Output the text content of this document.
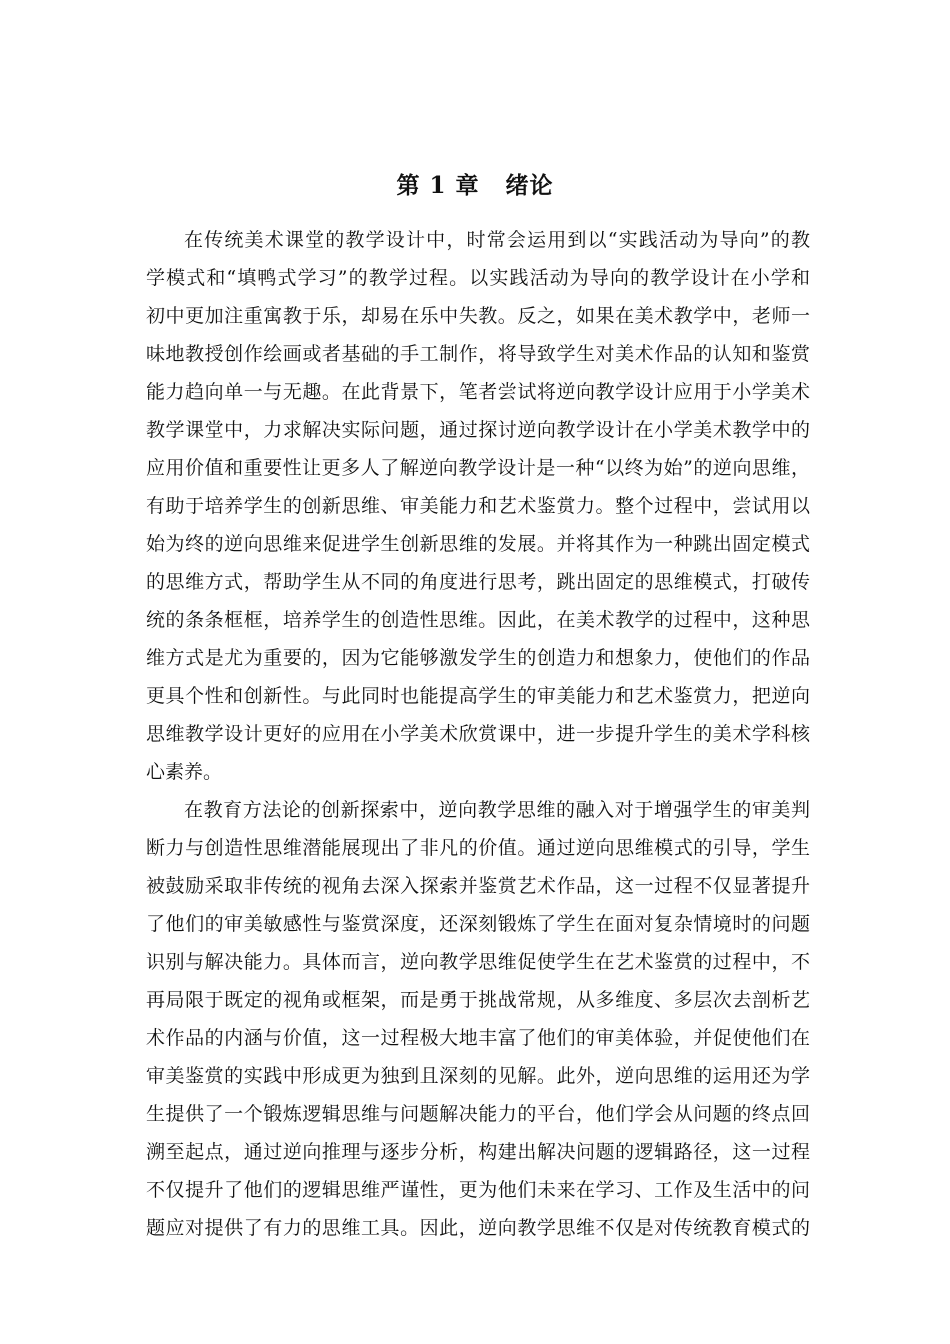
第 1 章 绪论
在传统美术课堂的教学设计中，时常会运用到以“实践活动为导向”的教
学模式和“填鸭式学习”的教学过程。以实践活动为导向的教学设计在小学和
初中更加注重寓教于乐，却易在乐中失教。反之，如果在美术教学中，老师一
味地教授创作绘画或者基础的手工制作，将导致学生对美术作品的认知和鉴赏
能力趋向单一与无趣。在此背景下，笔者尝试将逆向教学设计应用于小学美术
教学课堂中，力求解决实际问题，通过探讨逆向教学设计在小学美术教学中的
应用价值和重要性让更多人了解逆向教学设计是一种“以终为始”的逆向思维，
有助于培养学生的创新思维、审美能力和艺术鉴赏力。整个过程中，尝试用以
始为终的逆向思维来促进学生创新思维的发展。并将其作为一种跳出固定模式
的思维方式，帮助学生从不同的角度进行思考，跳出固定的思维模式，打破传
统的条条框框，培养学生的创造性思维。因此，在美术教学的过程中，这种思
维方式是尤为重要的，因为它能够激发学生的创造力和想象力，使他们的作品
更具个性和创新性。与此同时也能提高学生的审美能力和艺术鉴赏力，把逆向
思维教学设计更好的应用在小学美术欣赏课中，进一步提升学生的美术学科核
心素养。
在教育方法论的创新探索中，逆向教学思维的融入对于增强学生的审美判
断力与创造性思维潜能展现出了非凡的价值。通过逆向思维模式的引导，学生
被鼓励采取非传统的视角去深入探索并鉴赏艺术作品，这一过程不仅显著提升
了他们的审美敏感性与鉴赏深度，还深刻锻炼了学生在面对复杂情境时的问题
识别与解决能力。具体而言，逆向教学思维促使学生在艺术鉴赏的过程中，不
再局限于既定的视角或框架，而是勇于挑战常规，从多维度、多层次去剖析艺
术作品的内涵与价值，这一过程极大地丰富了他们的审美体验，并促使他们在
审美鉴赏的实践中形成更为独到且深刻的见解。此外，逆向思维的运用还为学
生提供了一个锻炼逻辑思维与问题解决能力的平台，他们学会从问题的终点回
溯至起点，通过逆向推理与逐步分析，构建出解决问题的逻辑路径，这一过程
不仅提升了他们的逻辑思维严谨性，更为他们未来在学习、工作及生活中的问
题应对提供了有力的思维工具。因此，逆向教学思维不仅是对传统教育模式的
